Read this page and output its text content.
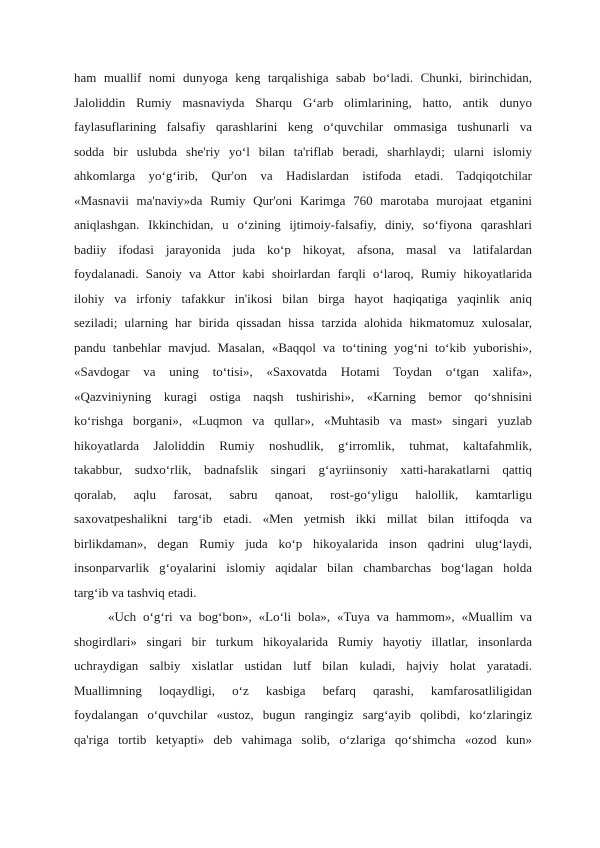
ham muallif nomi dunyoga keng tarqalishiga sabab bo‘ladi. Chunki, birinchidan,
Jaloliddin Rumiy masnaviyda Sharqu G‘arb olimlarining, hatto, antik dunyo
faylasuflarining falsafiy qarashlarini keng o‘quvchilar ommasiga tushunarli va
sodda bir uslubda she'riy yo‘l bilan ta'riflab beradi, sharhlaydi; ularni islomiy
ahkomlarga yo‘g‘irib, Qur'on va Hadislardan istifoda etadi. Tadqiqotchilar
«Masnavii ma'naviy»da Rumiy Qur'oni Karimga 760 marotaba murojaat etganini
aniqlashgan. Ikkinchidan, u o‘zining ijtimoiy-falsafiy, diniy, so‘fiyona qarashlari
badiiy ifodasi jarayonida juda ko‘p hikoyat, afsona, masal va latifalardan
foydalanadi. Sanoiy va Attor kabi shoirlardan farqli o‘laroq, Rumiy hikoyatlarida
ilohiy va irfoniy tafakkur in'ikosi bilan birga hayot haqiqatiga yaqinlik aniq
seziladi; ularning har birida qissadan hissa tarzida alohida hikmatomuz xulosalar,
pandu tanbehlar mavjud. Masalan, «Baqqol va to‘tining yog‘ni to‘kib yuborishi»,
«Savdogar va uning to‘tisi», «Saxovatda Hotami Toydan o‘tgan xalifa»,
«Qazviniyning kuragi ostiga naqsh tushirishi», «Karning bemor qo‘shnisini
ko‘rishga borgani», «Luqmon va qullar», «Muhtasib va mast» singari yuzlab
hikoyatlarda Jaloliddin Rumiy noshudlik, g‘irromlik, tuhmat, kaltafahmlik,
takabbur, sudxo‘rlik, badnafslik singari g‘ayriinsoniy xatti-harakatlarni qattiq
qoralab, aqlu farosat, sabru qanoat, rost-go‘yligu halollik, kamtarligu
saxovatpeshalikni targ‘ib etadi. «Men yetmish ikki millat bilan ittifoqda va
birlikdaman», degan Rumiy juda ko‘p hikoyalarida inson qadrini ulug‘laydi,
insonparvarlik g‘oyalarini islomiy aqidalar bilan chambarchas bog‘lagan holda
targ‘ib va tashviq etadi.
«Uch o‘g‘ri va bog‘bon», «Lo‘li bola», «Tuya va hammom», «Muallim va
shogirdlari» singari bir turkum hikoyalarida Rumiy hayotiy illatlar, insonlarda
uchraydigan salbiy xislatlar ustidan lutf bilan kuladi, hajviy holat yaratadi.
Muallimning loqaydligi, o‘z kasbiga befarq qarashi, kamfarosatliligidan
foydalangan o‘quvchilar «ustoz, bugun rangingiz sarg‘ayib qolibdi, ko‘zlaringiz
qa'riga tortib ketyapti» deb vahimaga solib, o‘zlariga qo‘shimcha «ozod kun»
